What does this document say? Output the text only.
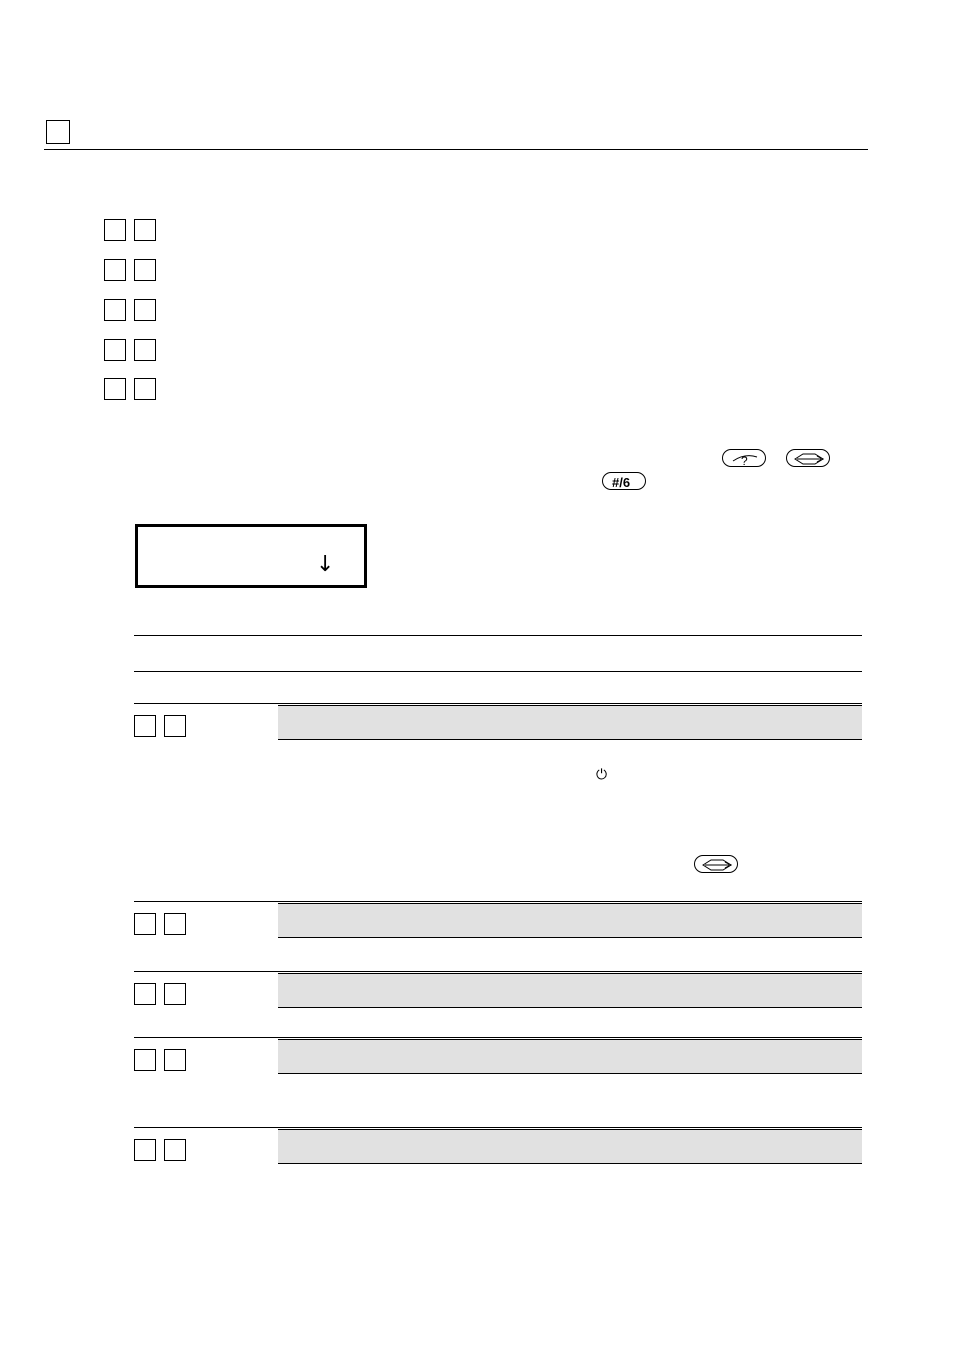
?
#/6
↓
⏻
